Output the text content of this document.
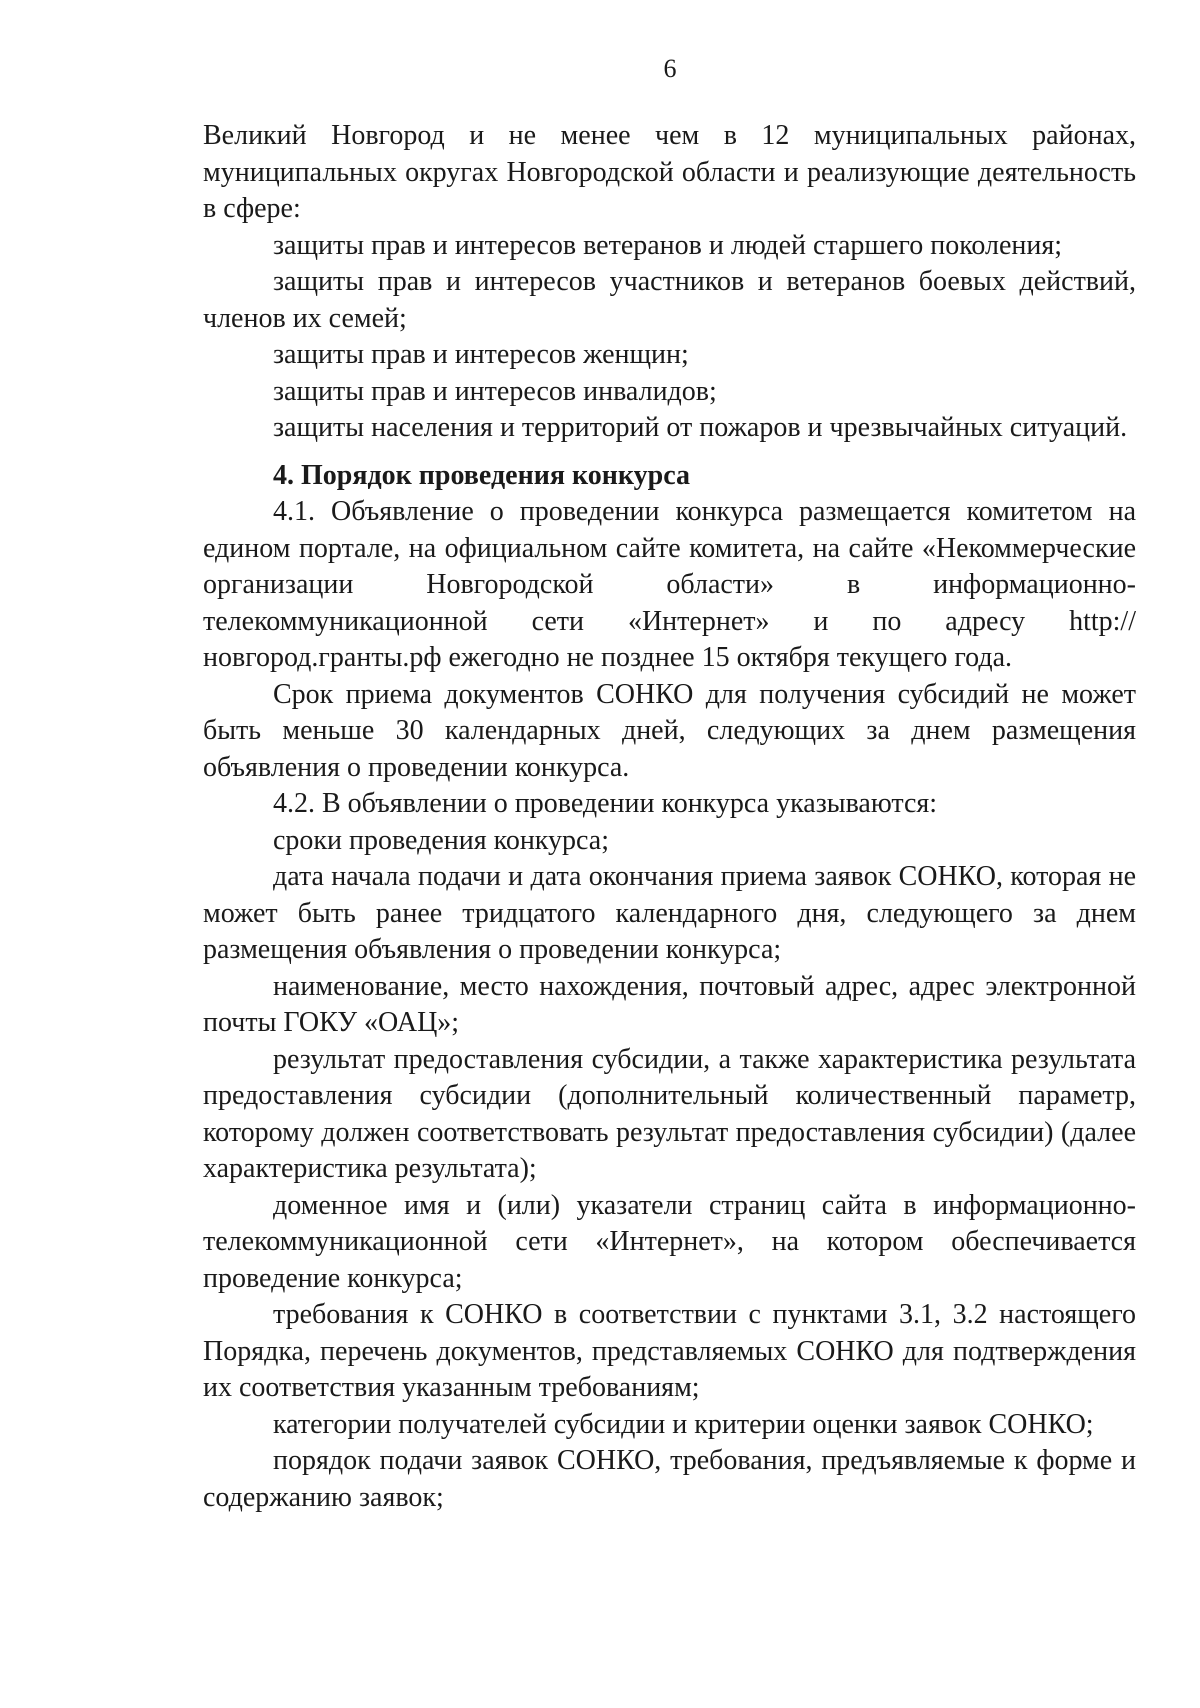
6

Великий Новгород и не менее чем в 12 муниципальных районах, муниципальных округах Новгородской области и реализующие деятельность в сфере:

защиты прав и интересов ветеранов и людей старшего поколения;

защиты прав и интересов участников и ветеранов боевых действий, членов их семей;

защиты прав и интересов женщин;

защиты прав и интересов инвалидов;

защиты населения и территорий от пожаров и чрезвычайных ситуаций.

4. Порядок проведения конкурса

4.1. Объявление о проведении конкурса размещается комитетом на едином портале, на официальном сайте комитета, на сайте «Некоммерческие организации Новгородской области» в информационно-телекоммуникационной сети «Интернет» и по адресу http://новгород.гранты.рф ежегодно не позднее 15 октября текущего года.

Срок приема документов СОНКО для получения субсидий не может быть меньше 30 календарных дней, следующих за днем размещения объявления о проведении конкурса.

4.2. В объявлении о проведении конкурса указываются:

сроки проведения конкурса;

дата начала подачи и дата окончания приема заявок СОНКО, которая не может быть ранее тридцатого календарного дня, следующего за днем размещения объявления о проведении конкурса;

наименование, место нахождения, почтовый адрес, адрес электронной почты ГОКУ «ОАЦ»;

результат предоставления субсидии, а также характеристика результата предоставления субсидии (дополнительный количественный параметр, которому должен соответствовать результат предоставления субсидии) (далее характеристика результата);

доменное имя и (или) указатели страниц сайта в информационно-телекоммуникационной сети «Интернет», на котором обеспечивается проведение конкурса;

требования к СОНКО в соответствии с пунктами 3.1, 3.2 настоящего Порядка, перечень документов, представляемых СОНКО для подтверждения их соответствия указанным требованиям;

категории получателей субсидии и критерии оценки заявок СОНКО;

порядок подачи заявок СОНКО, требования, предъявляемые к форме и содержанию заявок;
